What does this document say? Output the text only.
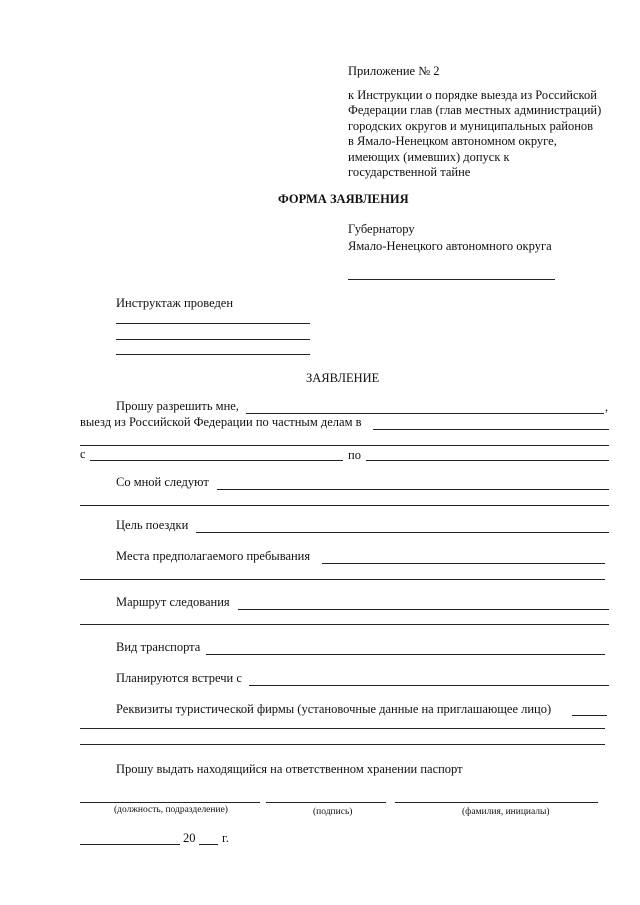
Приложение № 2
к Инструкции о порядке выезда из Российской
Федерации глав (глав местных администраций)
городских округов и муниципальных районов
в Ямало-Ненецком автономном округе,
имеющих (имевших) допуск к
государственной тайне
ФОРМА ЗАЯВЛЕНИЯ
Губернатору
Ямало-Ненецкого автономного округа
Инструктаж проведен
ЗАЯВЛЕНИЕ
Прошу разрешить мне,	,
выезд из Российской Федерации по частным делам в
с	по
Со мной следуют
Цель поездки
Места предполагаемого пребывания
Маршрут следования
Вид транспорта
Планируются встречи с
Реквизиты туристической фирмы (установочные данные на приглашающее лицо)
Прошу выдать находящийся на ответственном хранении паспорт
(должность, подразделение)	(подпись)	(фамилия, инициалы)
20 г.
